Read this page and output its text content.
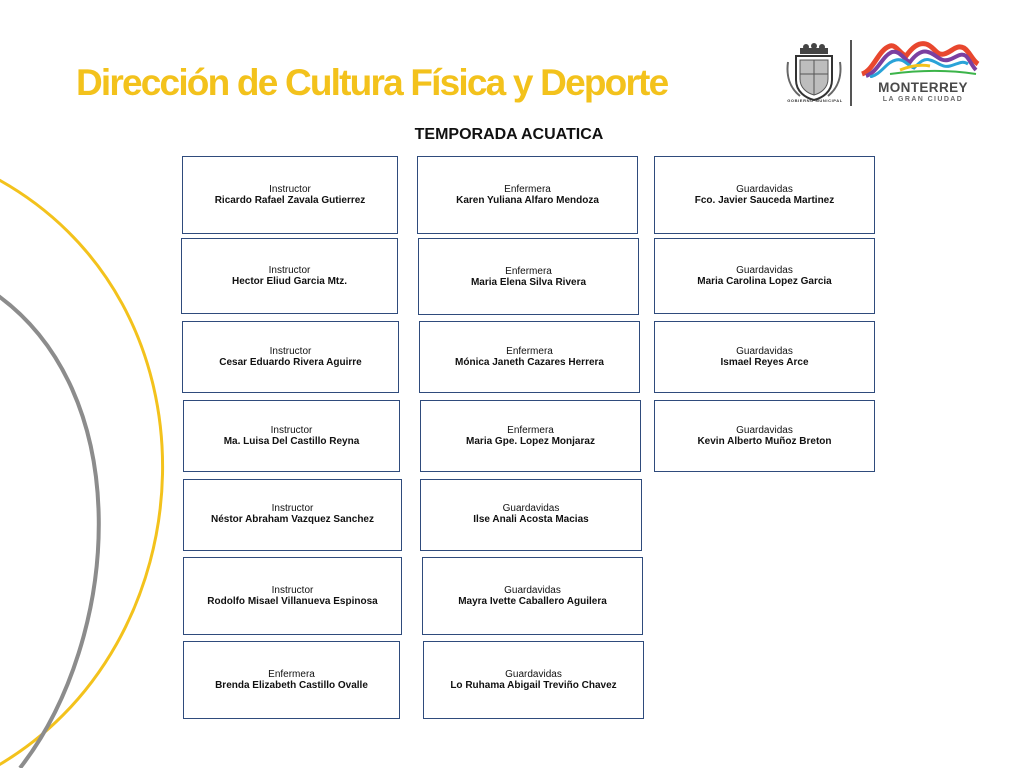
Dirección de Cultura Física y Deporte	GOBIERNO MUNICIPAL
MONTERREY
LA GRAN CIUDAD
TEMPORADA ACUATICA
Instructor
Ricardo Rafael Zavala Gutierrez
Instructor
Hector Eliud Garcia Mtz.
Instructor
Cesar Eduardo Rivera Aguirre
Instructor
Ma. Luisa Del Castillo Reyna
Instructor
Néstor Abraham Vazquez Sanchez
Instructor
Rodolfo Misael Villanueva Espinosa
Enfermera
Brenda Elizabeth Castillo Ovalle
Enfermera
Karen Yuliana Alfaro Mendoza
Enfermera
Maria Elena Silva Rivera
Enfermera
Mónica Janeth Cazares Herrera
Enfermera
Maria Gpe. Lopez Monjaraz
Guardavidas
Ilse Anali Acosta Macias
Guardavidas
Mayra Ivette Caballero Aguilera
Guardavidas
Lo Ruhama Abigail Treviño Chavez
Guardavidas
Fco. Javier Sauceda Martinez
Guardavidas
Maria Carolina Lopez Garcia
Guardavidas
Ismael Reyes Arce
Guardavidas
Kevin Alberto Muñoz Breton
